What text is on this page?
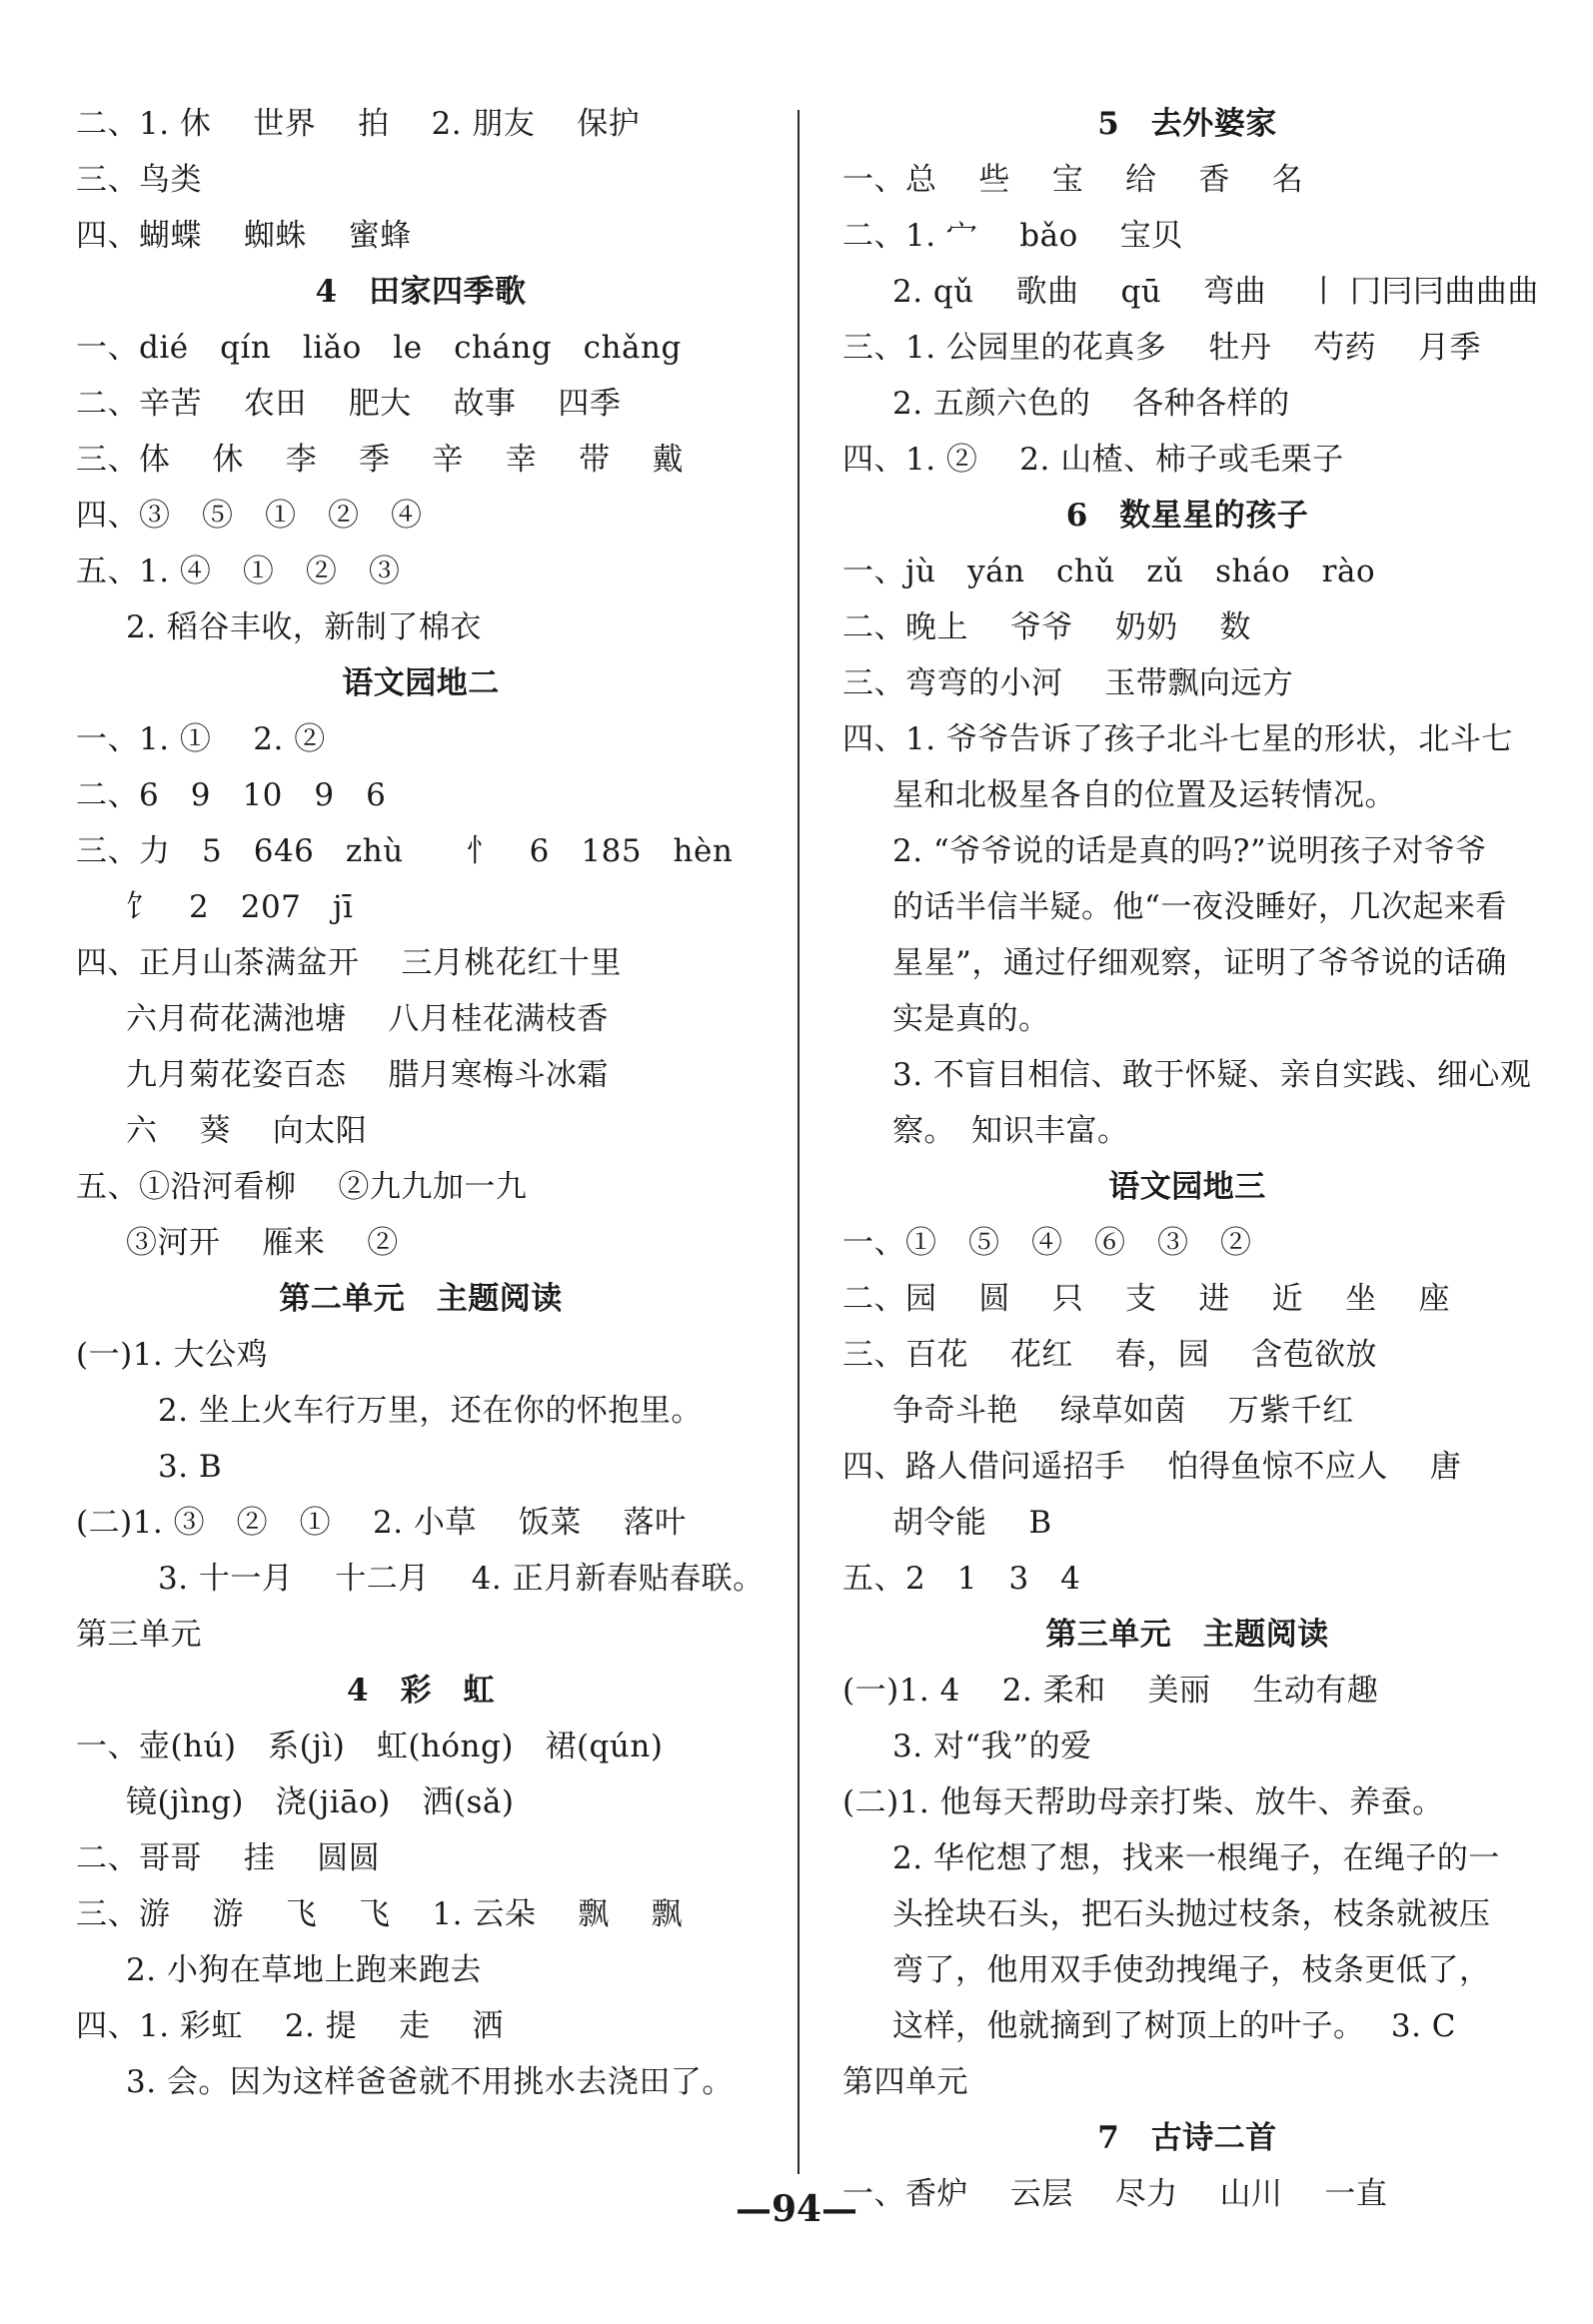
二、1. 休　 世界　 拍　 2. 朋友　 保护
三、鸟类
四、蝴蝶　 蜘蛛　 蜜蜂
4　田家四季歌
一、dié　qín　liǎo　le　cháng　chǎng
二、辛苦　 农田　 肥大　 故事　 四季
三、体　 休　 李　 季　 辛　 幸　 带　 戴
四、③　⑤　①　②　④
五、1. ④　①　②　③
2. 稻谷丰收，新制了棉衣
语文园地二
一、1. ①　 2. ②
二、6　9　10　9　6
三、力　5　646　zhù　　忄　6　185　hèn
饣　2　207　jī
四、正月山茶满盆开　 三月桃花红十里
六月荷花满池塘　 八月桂花满枝香
九月菊花姿百态　 腊月寒梅斗冰霜
六　 葵　 向太阳
五、①沿河看柳　 ②九九加一九
③河开　 雁来　 ②
第二单元　主题阅读
(一)1. 大公鸡
2. 坐上火车行万里，还在你的怀抱里。
3. B
(二)1. ③　②　①　 2. 小草　 饭菜　 落叶
3. 十一月　 十二月　 4. 正月新春贴春联。
第三单元
4　彩　虹
一、壶(hú)　系(jì)　虹(hóng)　裙(qún)
镜(jìng)　浇(jiāo)　洒(sǎ)
二、哥哥　 挂　 圆圆
三、游　 游　 飞　 飞　 1. 云朵　 飘　 飘
2. 小狗在草地上跑来跑去
四、1. 彩虹　 2. 提　 走　 洒
3. 会。因为这样爸爸就不用挑水去浇田了。
5　去外婆家
一、总　 些　 宝　 给　 香　 名
二、1. 宀　 bǎo　 宝贝
2. qǔ　 歌曲　 qū　 弯曲　 丨 冂冃冃曲曲曲
三、1. 公园里的花真多　 牡丹　 芍药　 月季
2. 五颜六色的　 各种各样的
四、1. ②　 2. 山楂、柿子或毛栗子
6　数星星的孩子
一、jù　yán　chǔ　zǔ　sháo　rào
二、晚上　 爷爷　 奶奶　 数
三、弯弯的小河　 玉带飘向远方
四、1. 爷爷告诉了孩子北斗七星的形状，北斗七
星和北极星各自的位置及运转情况。
2. “爷爷说的话是真的吗?”说明孩子对爷爷
的话半信半疑。他“一夜没睡好，几次起来看
星星”，通过仔细观察，证明了爷爷说的话确
实是真的。
3. 不盲目相信、敢于怀疑、亲自实践、细心观
察。　知识丰富。
语文园地三
一、①　⑤　④　⑥　③　②
二、园　 圆　 只　 支　 进　 近　 坐　 座
三、百花　 花红　 春，园　 含苞欲放
争奇斗艳　 绿草如茵　 万紫千红
四、路人借问遥招手　 怕得鱼惊不应人　 唐
胡令能　 B
五、2　1　3　4
第三单元　主题阅读
(一)1. 4　 2. 柔和　 美丽　 生动有趣
3. 对“我”的爱
(二)1. 他每天帮助母亲打柴、放牛、养蚕。
2. 华佗想了想，找来一根绳子，在绳子的一
头拴块石头，把石头抛过枝条，枝条就被压
弯了，他用双手使劲拽绳子，枝条更低了，
这样，他就摘到了树顶上的叶子。　 3. C
第四单元
7　古诗二首
一、香炉　 云层　 尽力　 山川　 一直
—94—
